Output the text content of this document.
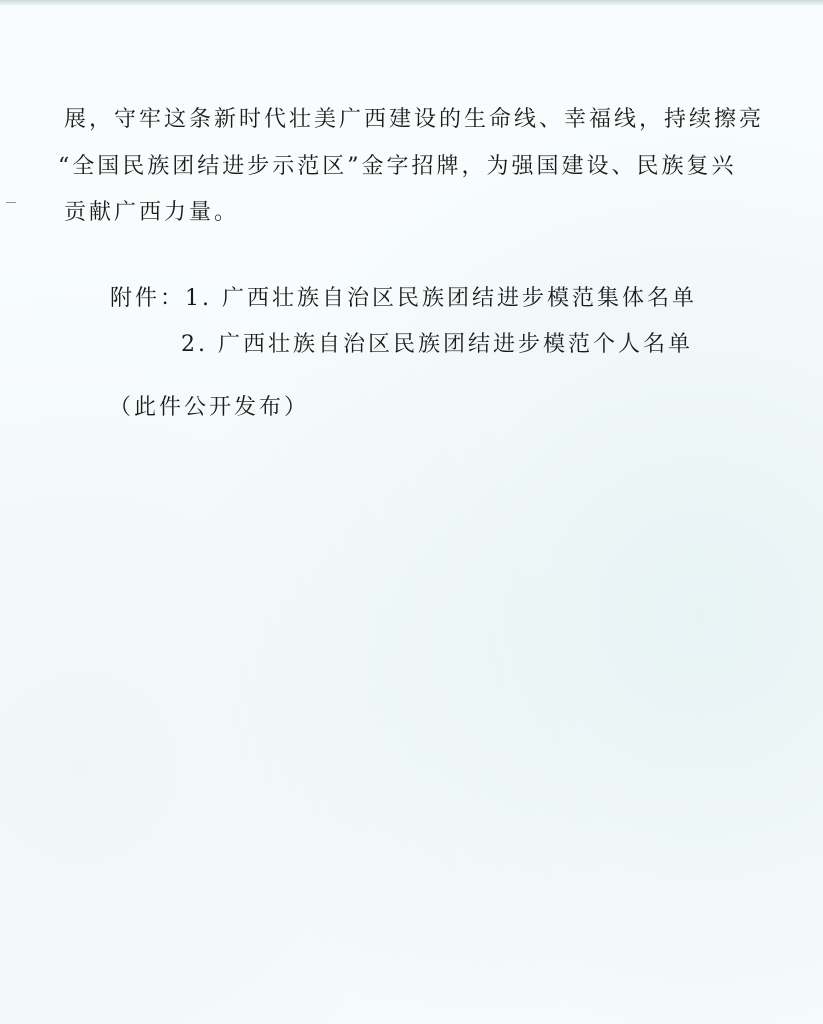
展，守牢这条新时代壮美广西建设的生命线、幸福线，持续擦亮
“全国民族团结进步示范区”金字招牌，为强国建设、民族复兴
贡献广西力量。
附件：1. 广西壮族自治区民族团结进步模范集体名单
2. 广西壮族自治区民族团结进步模范个人名单
（此件公开发布）
